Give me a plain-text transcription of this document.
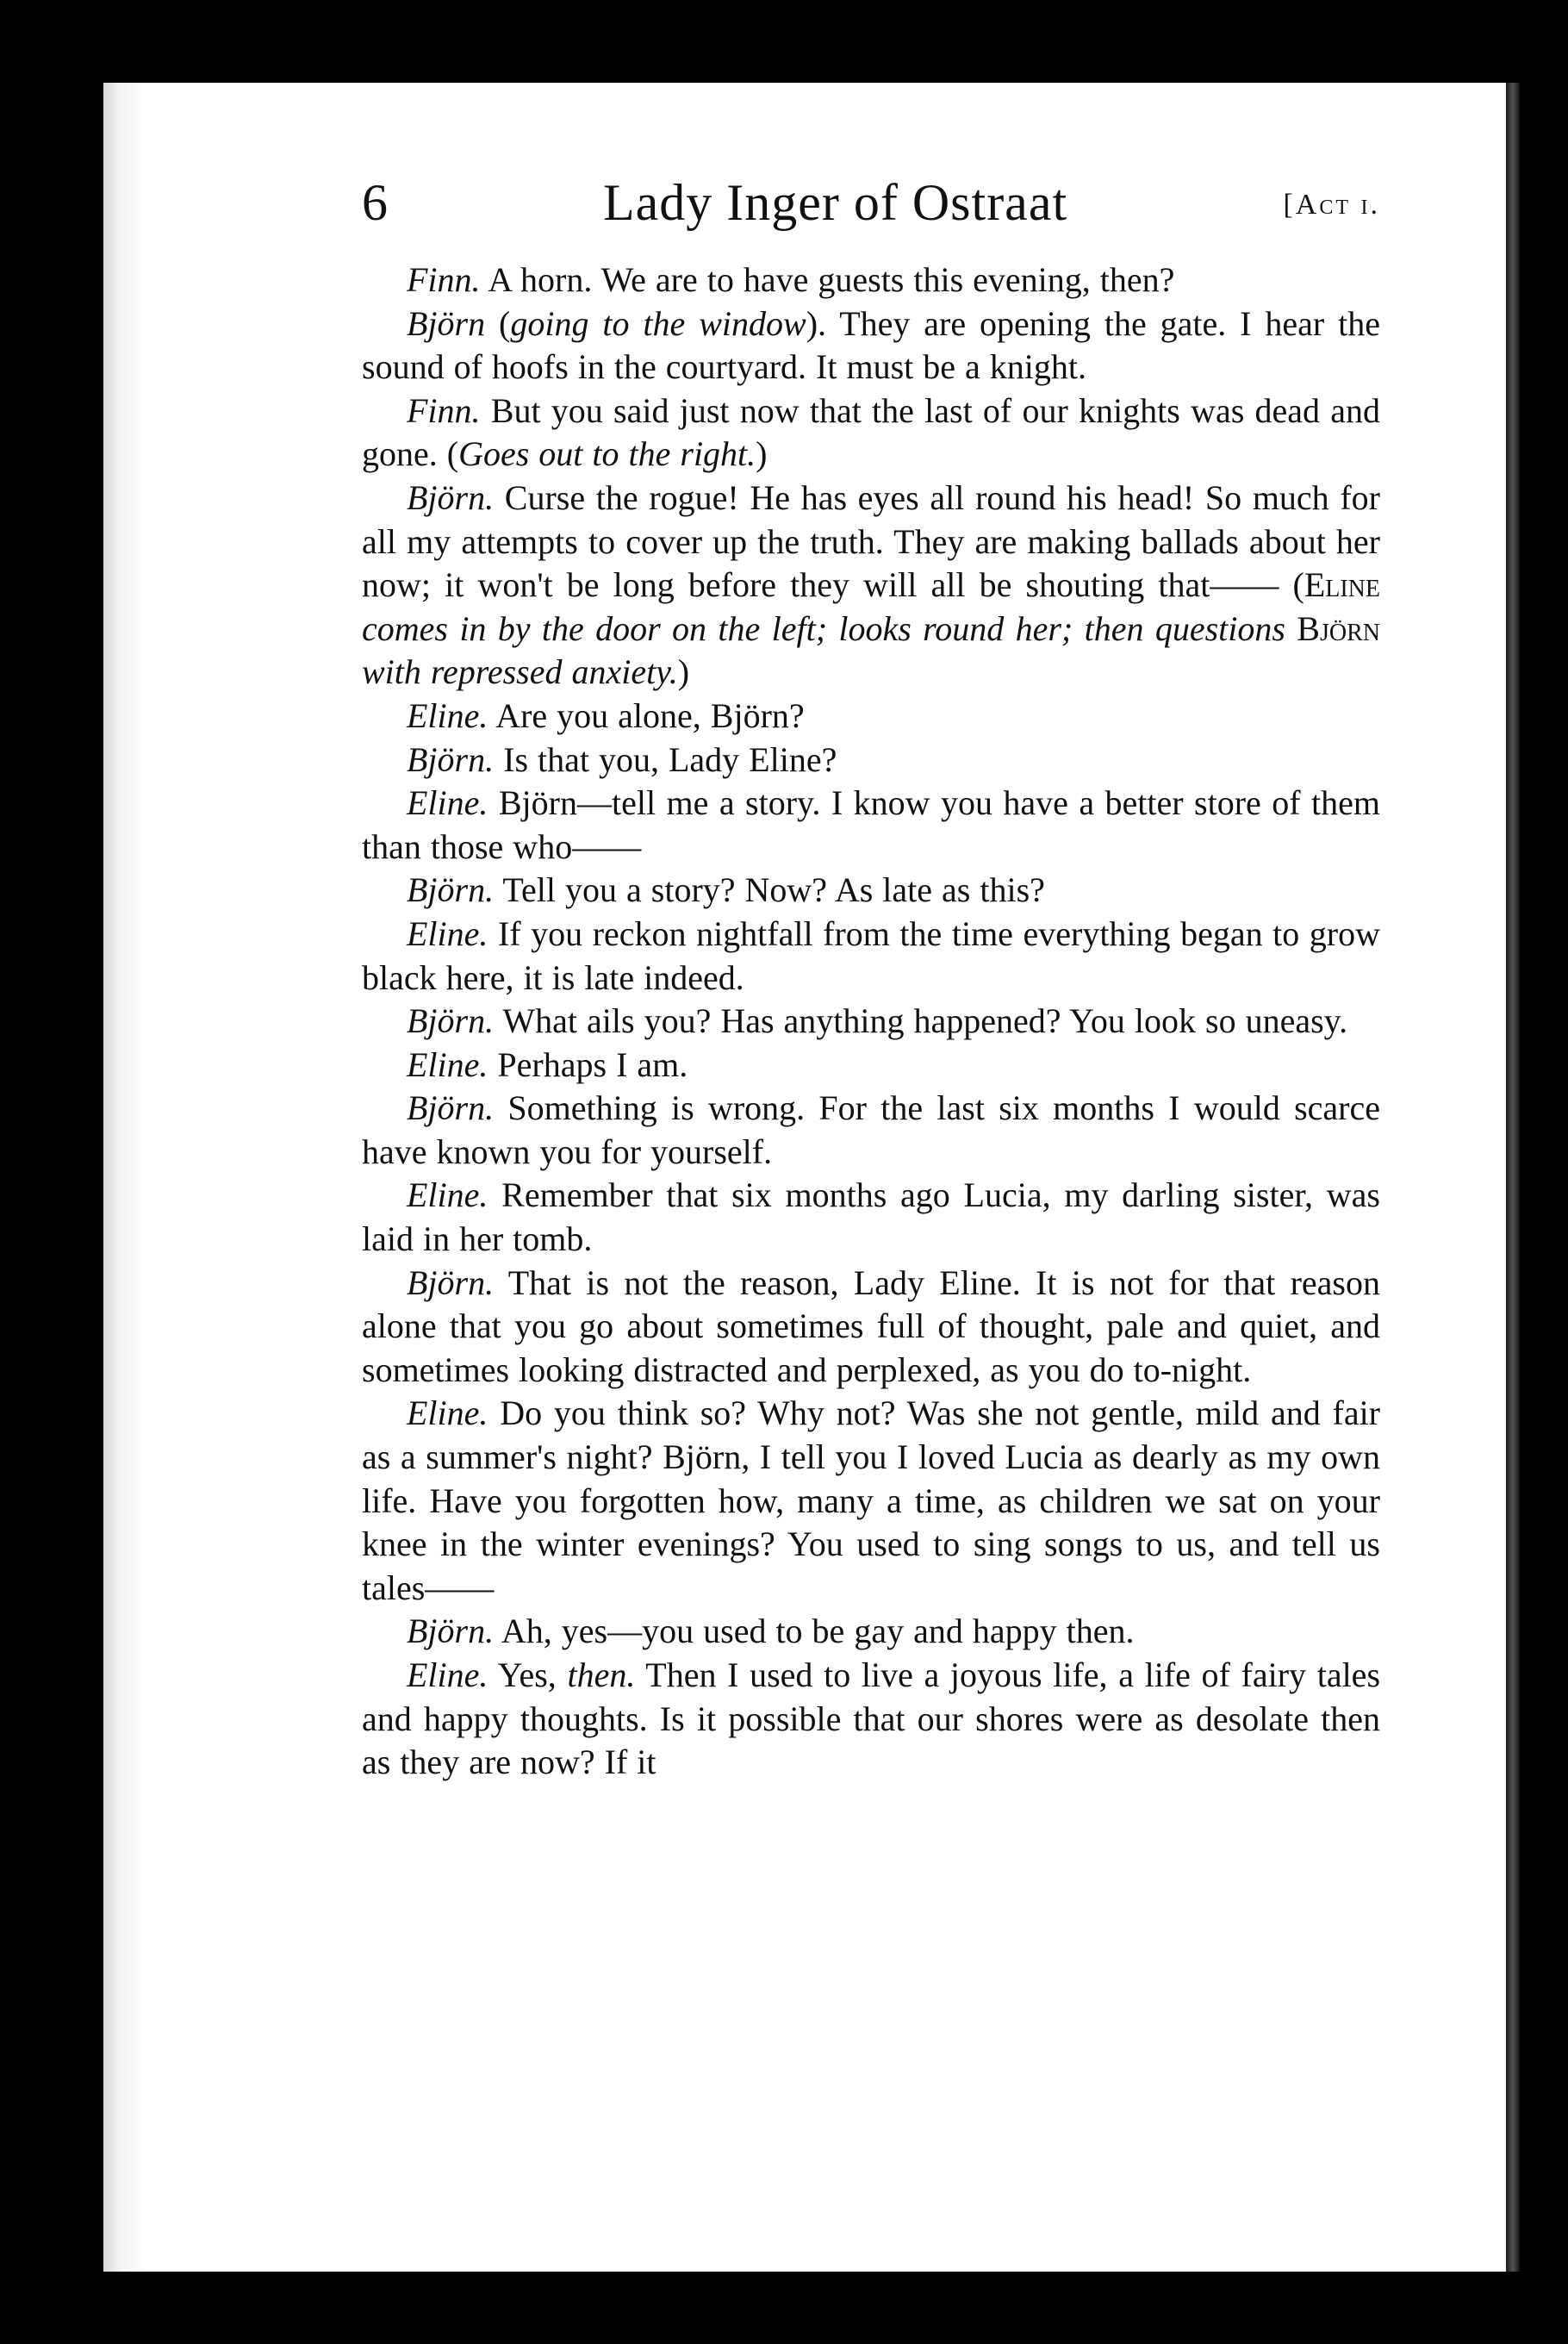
6	Lady Inger of Ostraat	[Act i.

Finn. A horn. We are to have guests this evening, then?

Björn (going to the window). They are opening the gate. I hear the sound of hoofs in the courtyard. It must be a knight.

Finn. But you said just now that the last of our knights was dead and gone. (Goes out to the right.)

Björn. Curse the rogue! He has eyes all round his head! So much for all my attempts to cover up the truth. They are making ballads about her now; it won't be long before they will all be shouting that—— (Eline comes in by the door on the left; looks round her; then questions Björn with repressed anxiety.)

Eline. Are you alone, Björn?

Björn. Is that you, Lady Eline?

Eline. Björn—tell me a story. I know you have a better store of them than those who——

Björn. Tell you a story? Now? As late as this?

Eline. If you reckon nightfall from the time everything began to grow black here, it is late indeed.

Björn. What ails you? Has anything happened? You look so uneasy.

Eline. Perhaps I am.

Björn. Something is wrong. For the last six months I would scarce have known you for yourself.

Eline. Remember that six months ago Lucia, my darling sister, was laid in her tomb.

Björn. That is not the reason, Lady Eline. It is not for that reason alone that you go about sometimes full of thought, pale and quiet, and sometimes looking distracted and perplexed, as you do to-night.

Eline. Do you think so? Why not? Was she not gentle, mild and fair as a summer's night? Björn, I tell you I loved Lucia as dearly as my own life. Have you forgotten how, many a time, as children we sat on your knee in the winter evenings? You used to sing songs to us, and tell us tales——

Björn. Ah, yes—you used to be gay and happy then.

Eline. Yes, then. Then I used to live a joyous life, a life of fairy tales and happy thoughts. Is it possible that our shores were as desolate then as they are now? If it
